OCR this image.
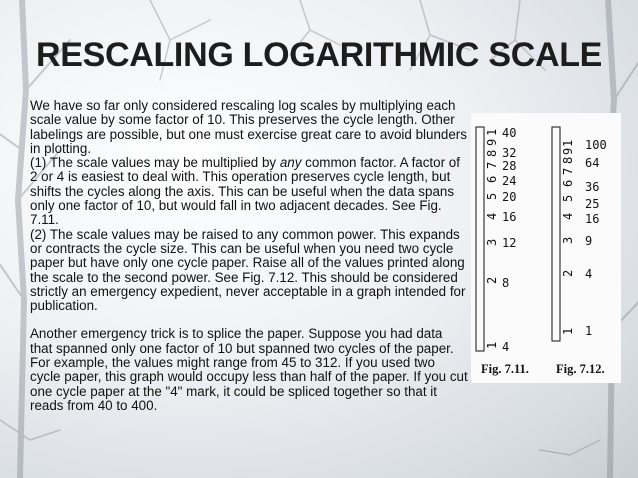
RESCALING LOGARITHMIC SCALE

We have so far only considered rescaling log scales by multiplying each scale value by some factor of 10. This preserves the cycle length. Other labelings are possible, but one must exercise great care to avoid blunders in plotting.

(1) The scale values may be multiplied by any common factor. A factor of 2 or 4 is easiest to deal with. This operation preserves cycle length, but shifts the cycles along the axis. This can be useful when the data spans only one factor of 10, but would fall in two adjacent decades. See Fig. 7.11.

(2) The scale values may be raised to any common power. This expands or contracts the cycle size. This can be useful when you need two cycle paper but have only one cycle paper. Raise all of the values printed along the scale to the second power. See Fig. 7.12. This should be considered strictly an emergency expedient, never acceptable in a graph intended for publication.

Another emergency trick is to splice the paper. Suppose you had data that spanned only one factor of 10 but spanned two cycles of the paper. For example, the values might range from 45 to 312. If you used two cycle paper, this graph would occupy less than half of the paper. If you cut one cycle paper at the "4" mark, it could be spliced together so that it reads from 40 to 400.

1
2
3
4
5
6
7
8
9
1
4
8
12
16
20
24
28
32
40
1
2
3
4
5
6
7
8
9
1
1
4
9
16
25
36
64
100
Fig. 7.11. Fig. 7.12.
